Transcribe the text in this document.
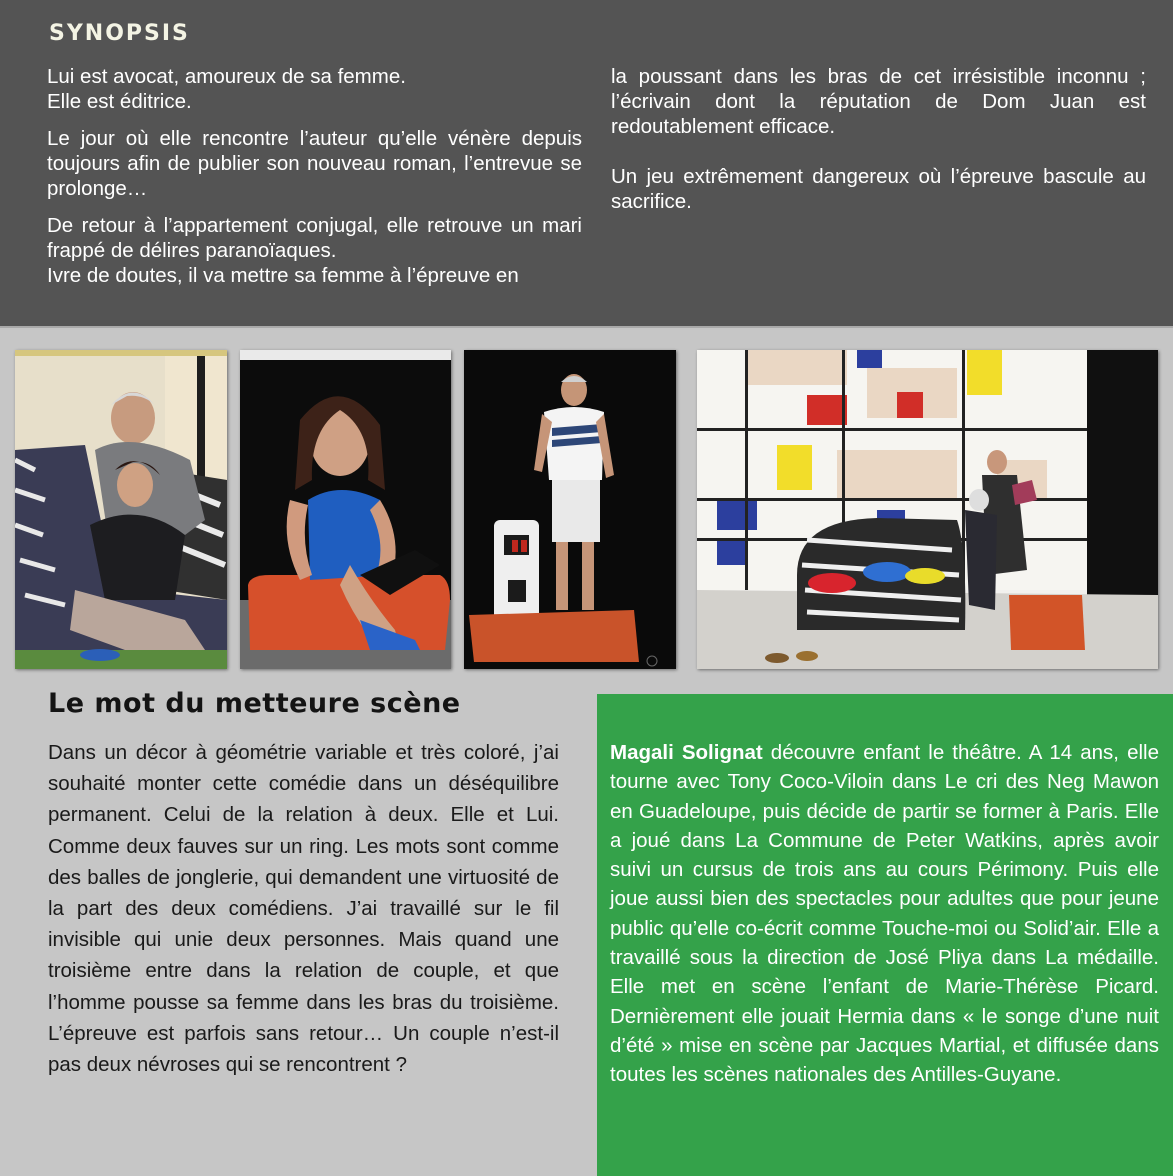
SYNOPSIS

Lui est avocat, amoureux de sa femme.
Elle est éditrice.

Le jour où elle rencontre l’auteur qu’elle vénère depuis toujours afin de publier son nouveau roman, l’entrevue se prolonge…

De retour à l’appartement conjugal, elle retrouve un mari frappé de délires paranoïaques.
Ivre de doutes, il va mettre sa femme à l’épreuve en

la poussant dans les bras de cet irrésistible inconnu ; l’écrivain dont la réputation de Dom Juan est redoutablement efficace.

Un jeu extrêmement dangereux où l’épreuve bascule au sacrifice.

Le mot du metteure scène

Dans un décor à géométrie variable et très coloré, j’ai souhaité monter cette comédie dans un déséquilibre permanent. Celui de la relation à deux. Elle et Lui. Comme deux fauves sur un ring. Les mots sont comme des balles de jonglerie, qui demandent une virtuosité de la part des deux comédiens. J’ai travaillé sur le fil invisible qui unie deux personnes. Mais quand une troisième entre dans la relation de couple, et que l’homme pousse sa femme dans les bras du troisième. L’épreuve est parfois sans retour… Un couple n’est-il pas deux névroses qui se rencontrent ?

Magali Solignat découvre enfant le théâtre. A 14 ans, elle tourne avec Tony Coco-Viloin dans Le cri des Neg Mawon en Guadeloupe, puis décide de partir se former à Paris. Elle a joué dans La Commune de Peter Watkins, après avoir suivi un cursus de trois ans au cours Périmony. Puis elle joue aussi bien des spectacles pour adultes que pour jeune public qu’elle co-écrit comme Touche-moi ou Solid’air. Elle a travaillé sous la direction de José Pliya dans La médaille. Elle met en scène l’enfant de Marie-Thérèse Picard. Dernièrement elle jouait Hermia dans « le songe d’une nuit d’été » mise en scène par Jacques Martial, et diffusée dans toutes les scènes nationales des Antilles-Guyane.
